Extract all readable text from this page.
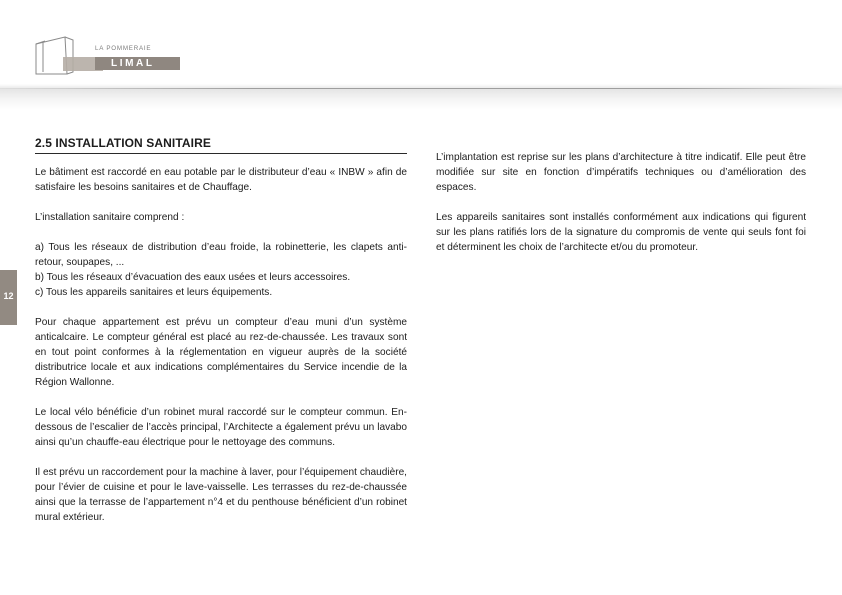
LA POMMERAIE
LIMAL
12
2.5 INSTALLATION SANITAIRE

Le bâtiment est raccordé en eau potable par le distributeur d’eau « INBW » afin de satisfaire les besoins sanitaires et de Chauffage.

L’installation sanitaire comprend :

a) Tous les réseaux de distribution d’eau froide, la robinetterie, les clapets anti-retour, soupapes, ...
b) Tous les réseaux d’évacuation des eaux usées et leurs accessoires.
c) Tous les appareils sanitaires et leurs équipements.

Pour chaque appartement est prévu un compteur d’eau muni d’un système anticalcaire. Le compteur général est placé au rez-de-chaussée. Les travaux sont en tout point conformes à la réglementation en vigueur auprès de la société distributrice locale et aux indications complémentaires du Service incendie de la Région Wallonne.

Le local vélo bénéficie d’un robinet mural raccordé sur le compteur commun. En-dessous de l’escalier de l’accès principal, l’Architecte a également prévu un lavabo ainsi qu’un chauffe-eau électrique pour le nettoyage des communs.

Il est prévu un raccordement pour la machine à laver, pour l’équipement chaudière, pour l’évier de cuisine et pour le lave-vaisselle. Les terrasses du rez-de-chaussée ainsi que la terrasse de l’appartement n°4 et du penthouse bénéficient d’un robinet mural extérieur.

L’implantation est reprise sur les plans d’architecture à titre indicatif. Elle peut être modifiée sur site en fonction d’impératifs techniques ou d’amélioration des espaces.

Les appareils sanitaires sont installés conformément aux indications qui figurent sur les plans ratifiés lors de la signature du compromis de vente qui seuls font foi et déterminent les choix de l’architecte et/ou du promoteur.
